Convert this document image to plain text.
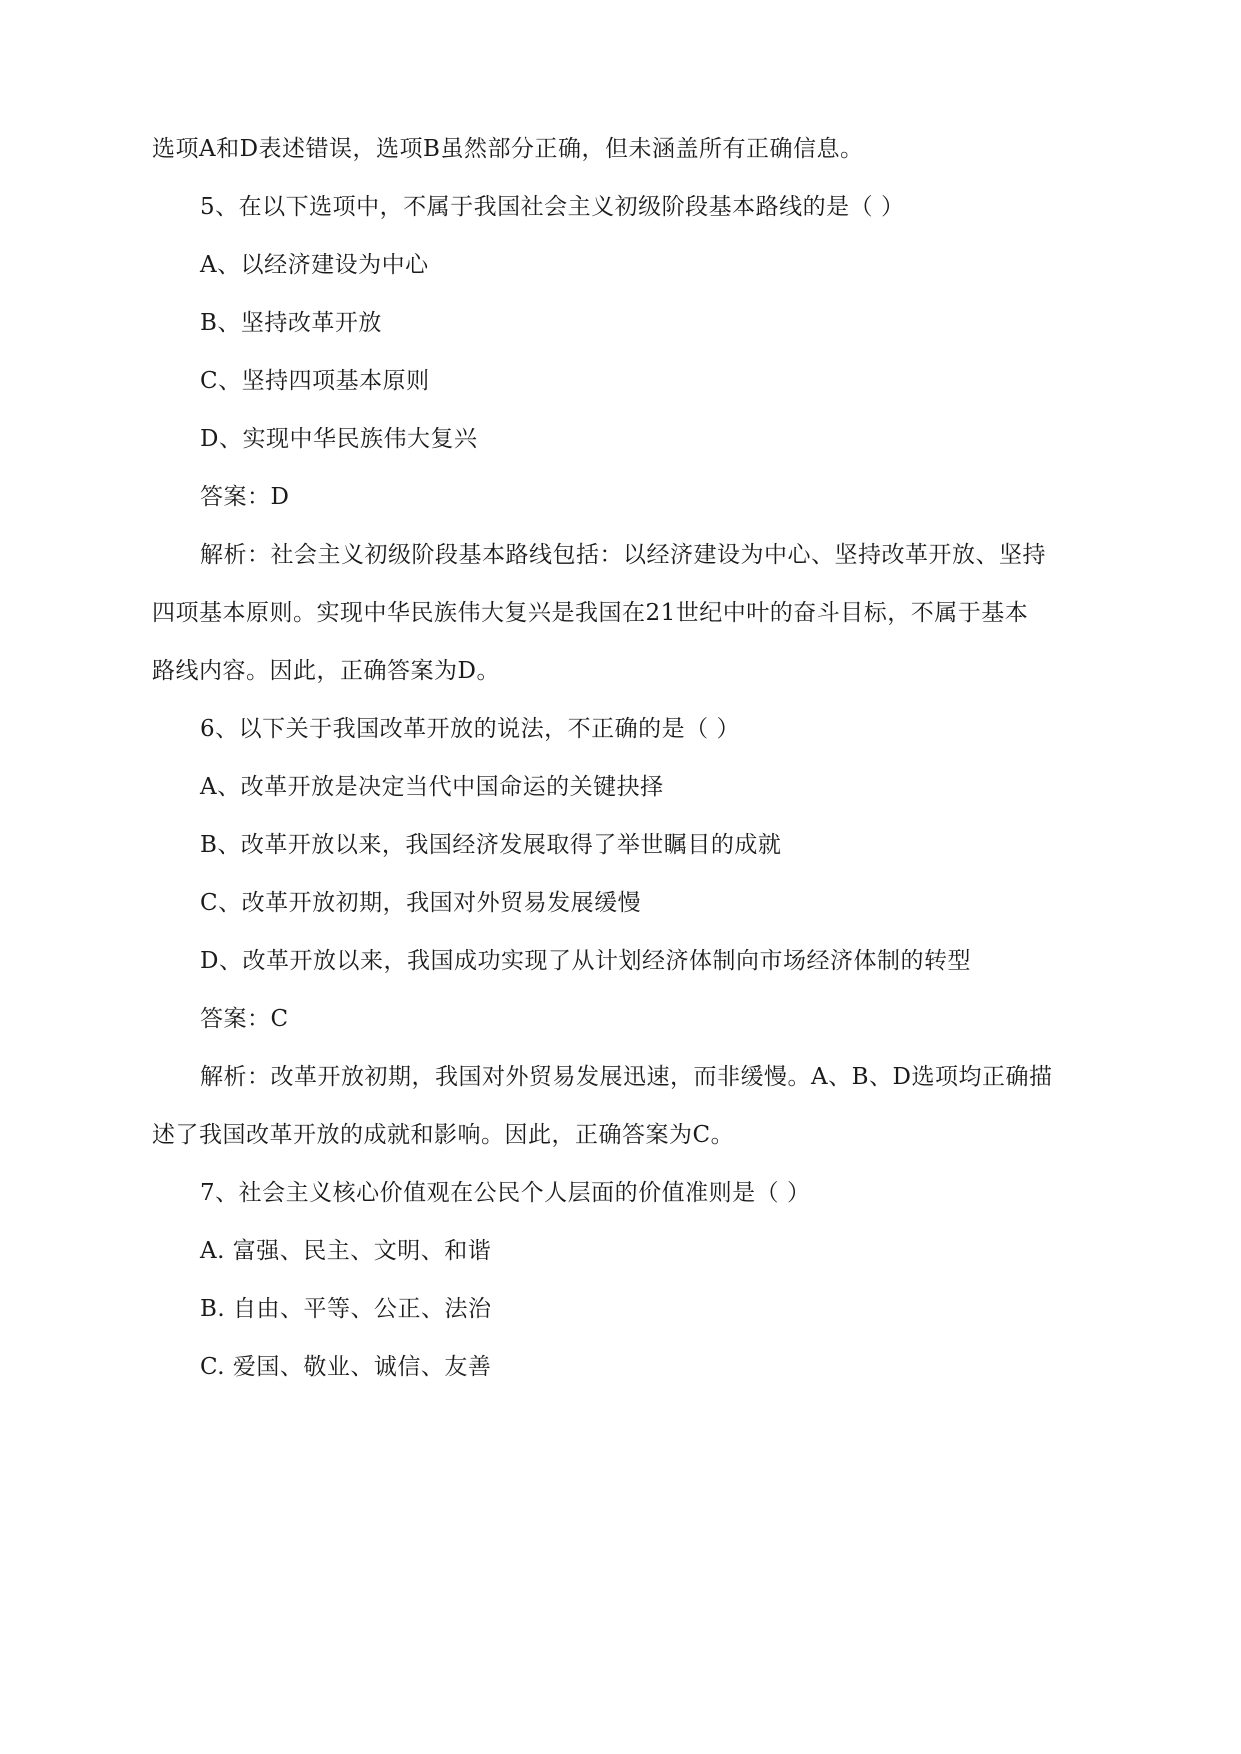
选项A和D表述错误，选项B虽然部分正确，但未涵盖所有正确信息。
5、在以下选项中，不属于我国社会主义初级阶段基本路线的是（ ）
A、以经济建设为中心
B、坚持改革开放
C、坚持四项基本原则
D、实现中华民族伟大复兴
答案：D
解析：社会主义初级阶段基本路线包括：以经济建设为中心、坚持改革开放、坚持
四项基本原则。实现中华民族伟大复兴是我国在21世纪中叶的奋斗目标，不属于基本
路线内容。因此，正确答案为D。
6、以下关于我国改革开放的说法，不正确的是（ ）
A、改革开放是决定当代中国命运的关键抉择
B、改革开放以来，我国经济发展取得了举世瞩目的成就
C、改革开放初期，我国对外贸易发展缓慢
D、改革开放以来，我国成功实现了从计划经济体制向市场经济体制的转型
答案：C
解析：改革开放初期，我国对外贸易发展迅速，而非缓慢。A、B、D选项均正确描
述了我国改革开放的成就和影响。因此，正确答案为C。
7、社会主义核心价值观在公民个人层面的价值准则是（ ）
A. 富强、民主、文明、和谐
B. 自由、平等、公正、法治
C. 爱国、敬业、诚信、友善
